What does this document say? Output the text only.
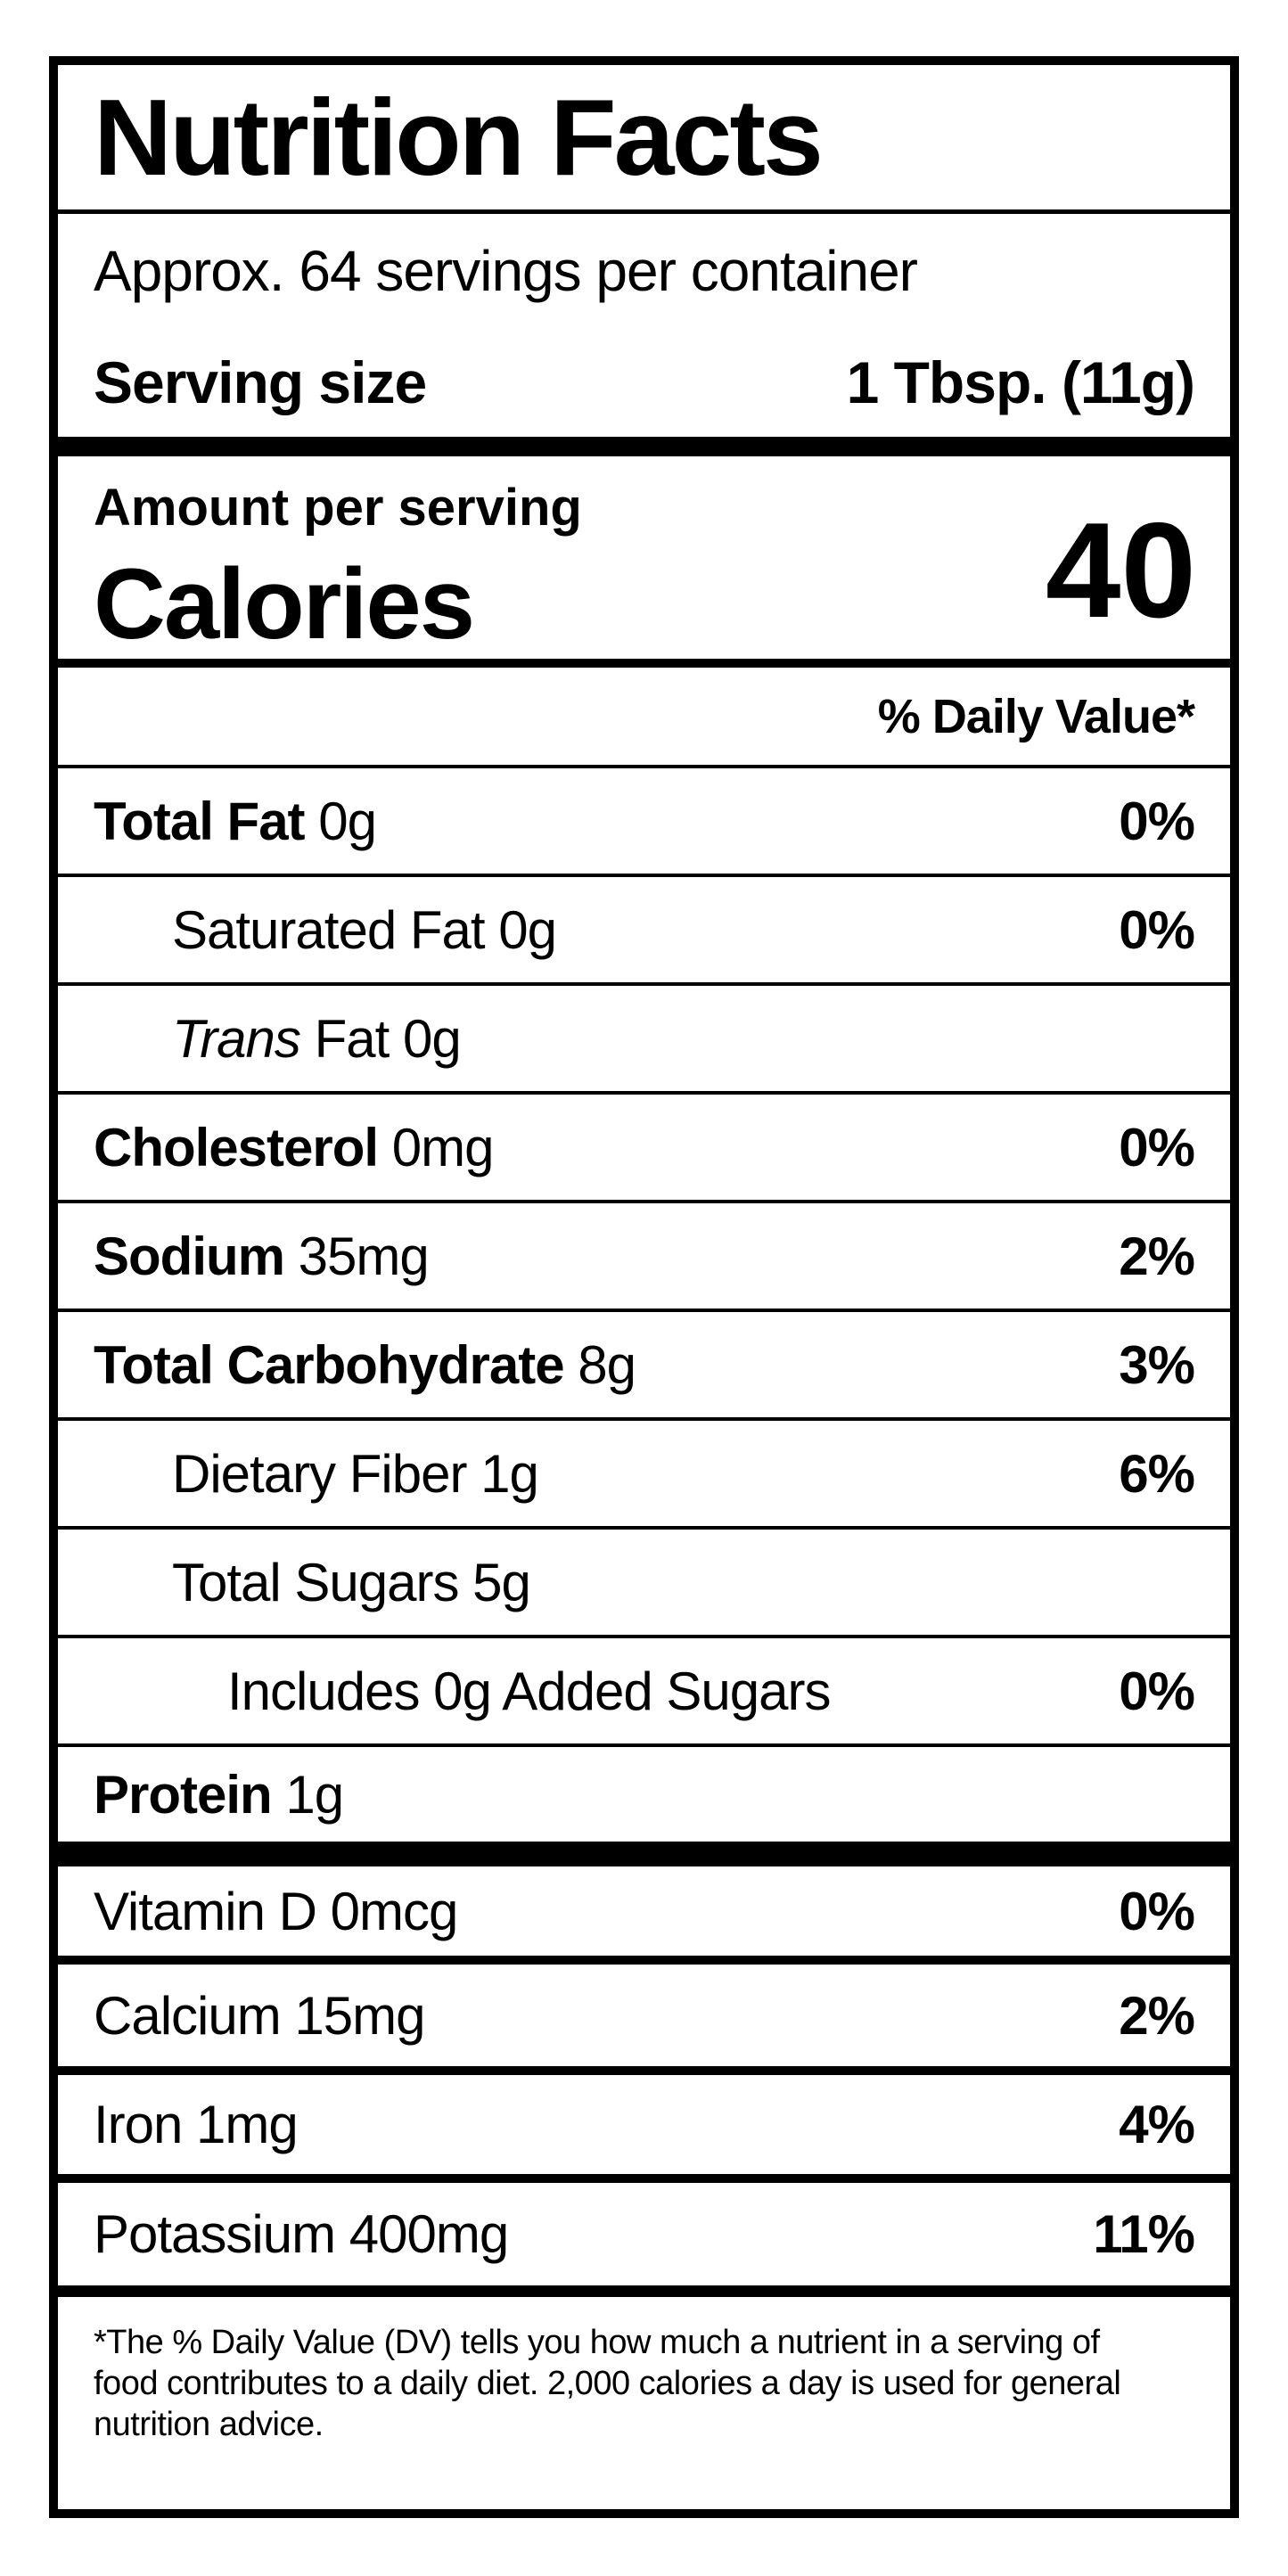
Nutrition Facts
Approx. 64 servings per container
Serving size	1 Tbsp. (11g)
Amount per serving
Calories	40
% Daily Value*
Total Fat 0g	0%
Saturated Fat 0g	0%
Trans Fat 0g
Cholesterol 0mg	0%
Sodium 35mg	2%
Total Carbohydrate 8g	3%
Dietary Fiber 1g	6%
Total Sugars 5g
Includes 0g Added Sugars	0%
Protein 1g
Vitamin D 0mcg	0%
Calcium 15mg	2%
Iron 1mg	4%
Potassium 400mg	11%
*The % Daily Value (DV) tells you how much a nutrient in a serving of food contributes to a daily diet. 2,000 calories a day is used for general nutrition advice.
